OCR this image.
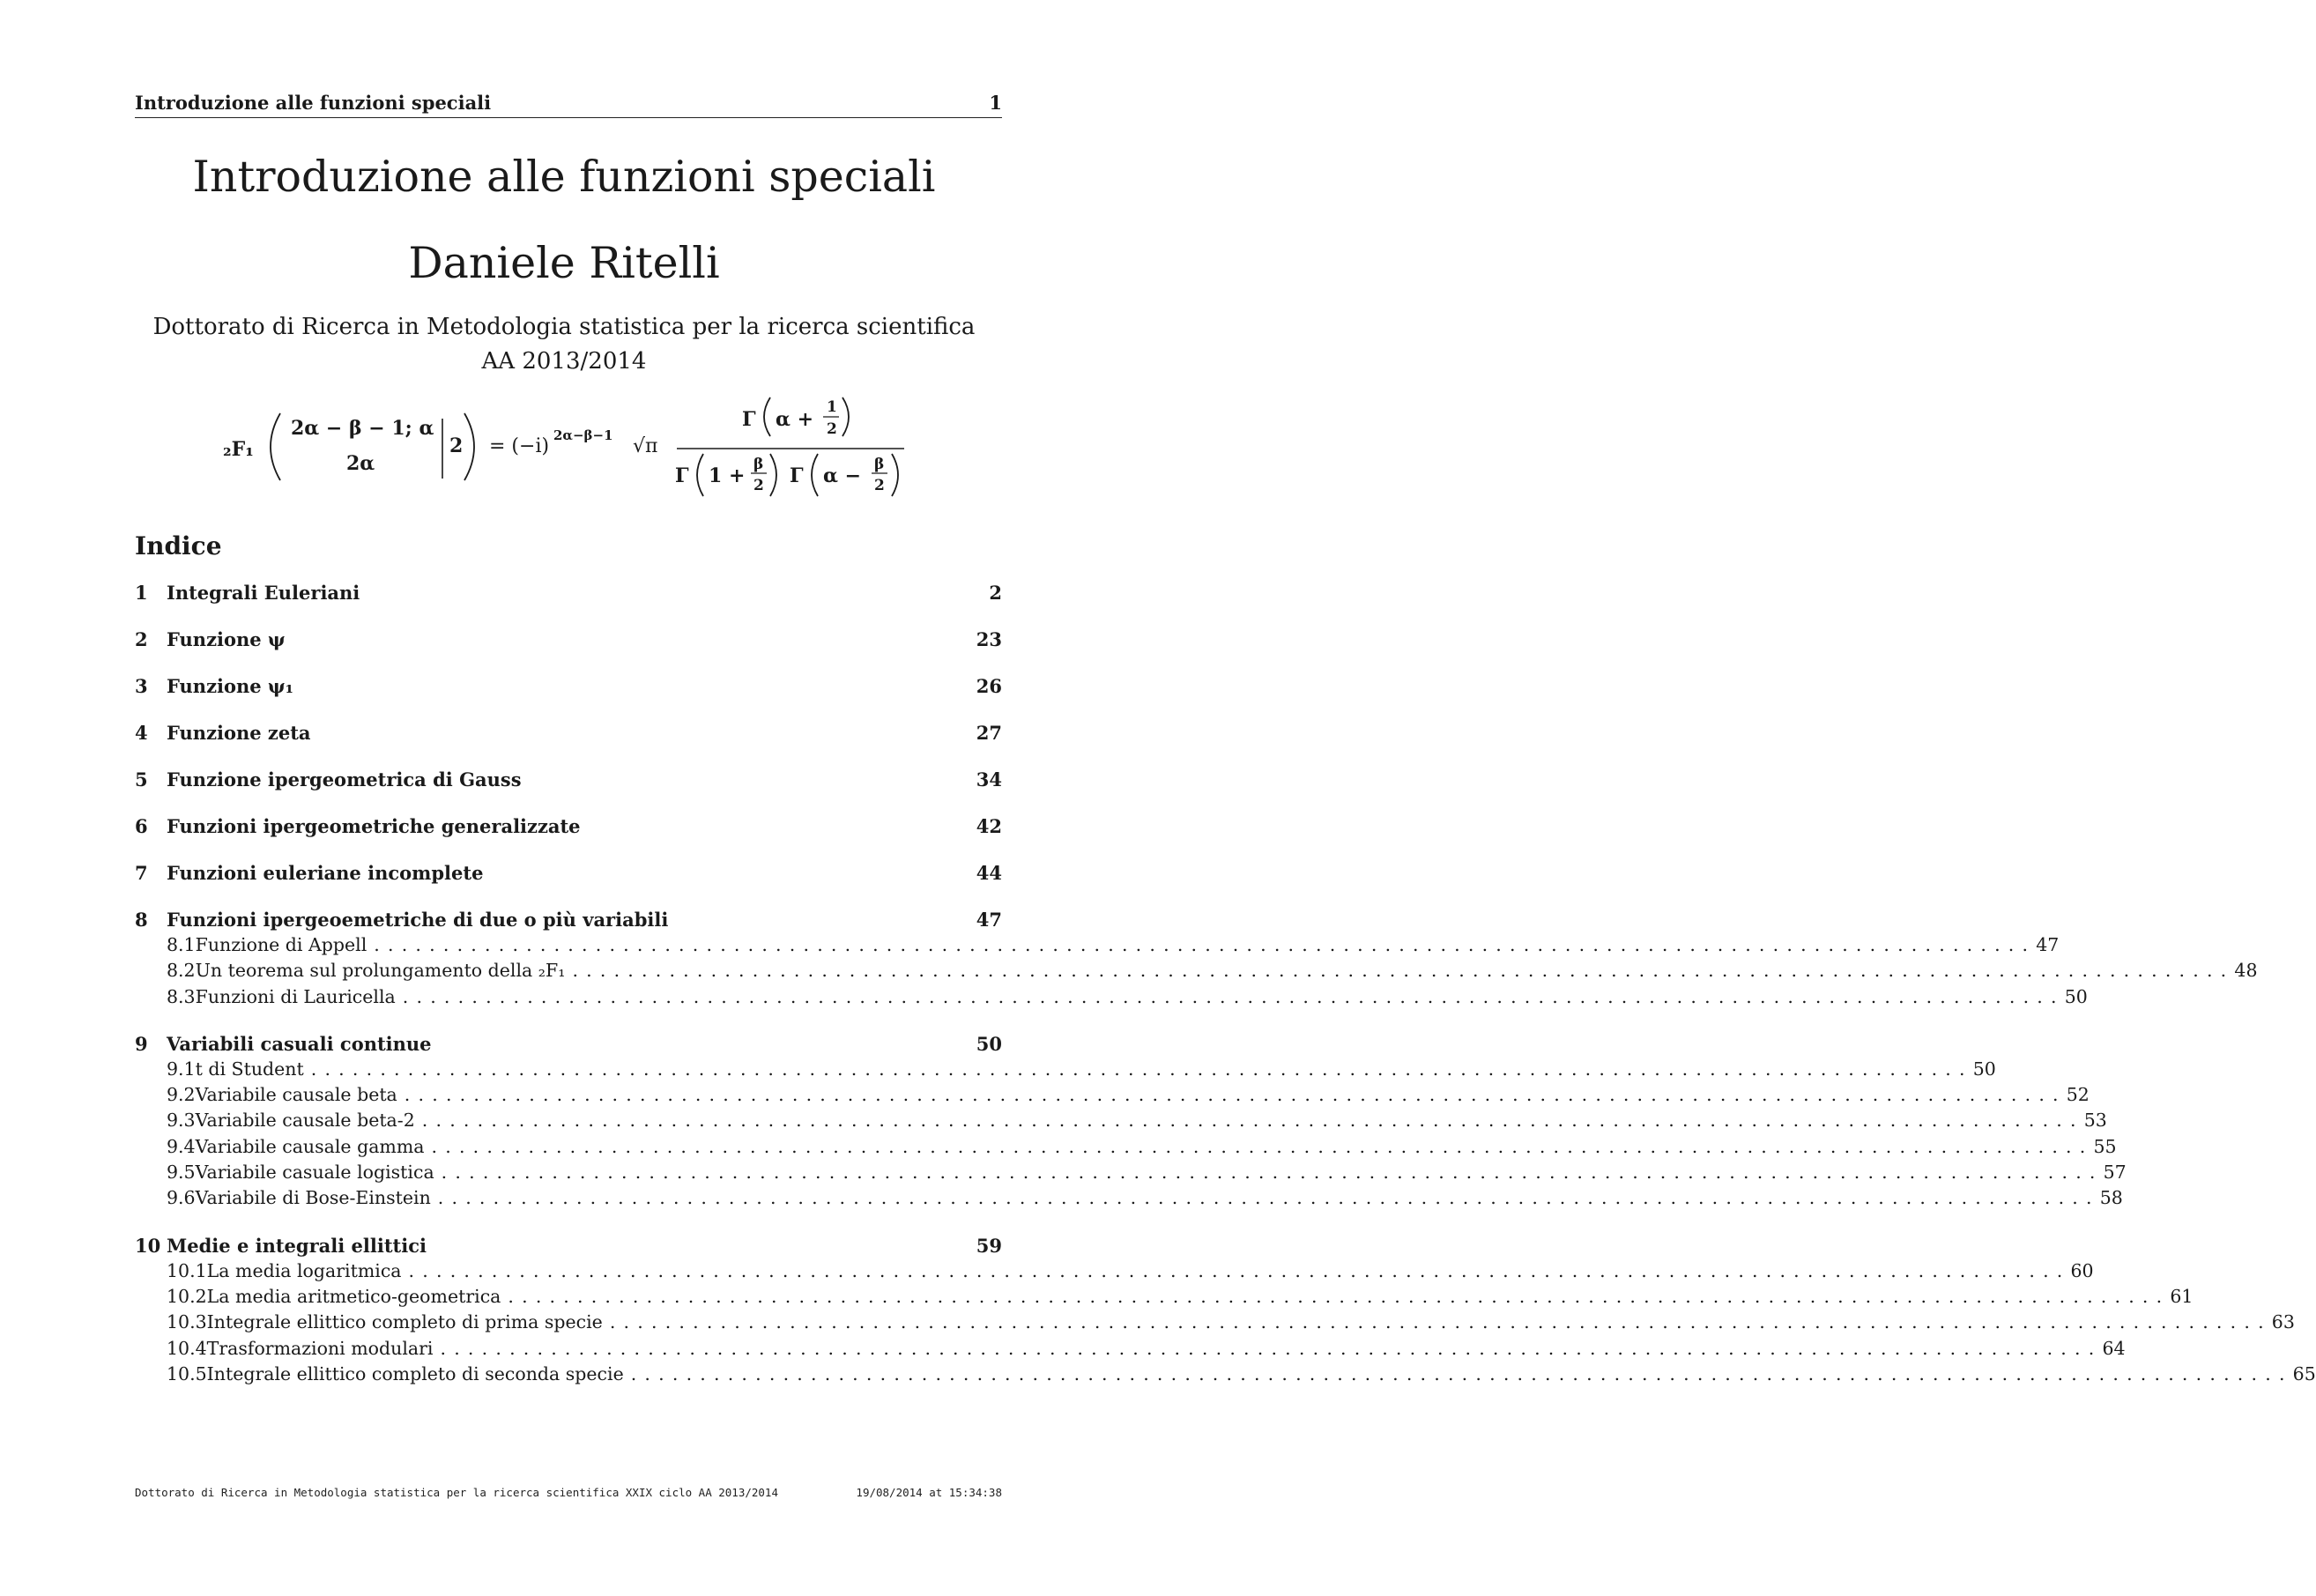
Introduzione alle funzioni speciali	1
Introduzione alle funzioni speciali
Daniele Ritelli
Dottorato di Ricerca in Metodologia statistica per la ricerca scientifica
AA 2013/2014
₂F₁
2α − β − 1; α
2α
2 = (−i) 2α−β−1 √π
Γ α +
1
2
Γ 1 + β
2 Γ α − β
2
Indice
1	Integrali Euleriani	2
2	Funzione ψ	23
3	Funzione ψ₁	26
4	Funzione zeta	27
5	Funzione ipergeometrica di Gauss	34
6	Funzioni ipergeometriche generalizzate	42
7	Funzioni euleriane incomplete	44
8	Funzioni ipergeoemetriche di due o più variabili	47
8.1 Funzione di Appell ........................................................................................................................ 47
8.2 Un teorema sul prolungamento della ₂F₁ ........................................................................................................................ 48
8.3 Funzioni di Lauricella ........................................................................................................................ 50
9	Variabili casuali continue	50
9.1 t di Student ........................................................................................................................ 50
9.2 Variabile causale beta ........................................................................................................................ 52
9.3 Variabile causale beta-2 ........................................................................................................................ 53
9.4 Variabile causale gamma ........................................................................................................................ 55
9.5 Variabile casuale logistica ........................................................................................................................ 57
9.6 Variabile di Bose-Einstein ........................................................................................................................ 58
10 Medie e integrali ellittici	59
10.1 La media logaritmica ........................................................................................................................ 60
10.2 La media aritmetico-geometrica ........................................................................................................................ 61
10.3 Integrale ellittico completo di prima specie ........................................................................................................................ 63
10.4 Trasformazioni modulari ........................................................................................................................ 64
10.5 Integrale ellittico completo di seconda specie ........................................................................................................................ 65
Dottorato di Ricerca in Metodologia statistica per la ricerca scientifica XXIX ciclo AA 2013/2014	19/08/2014 at 15:34:38
